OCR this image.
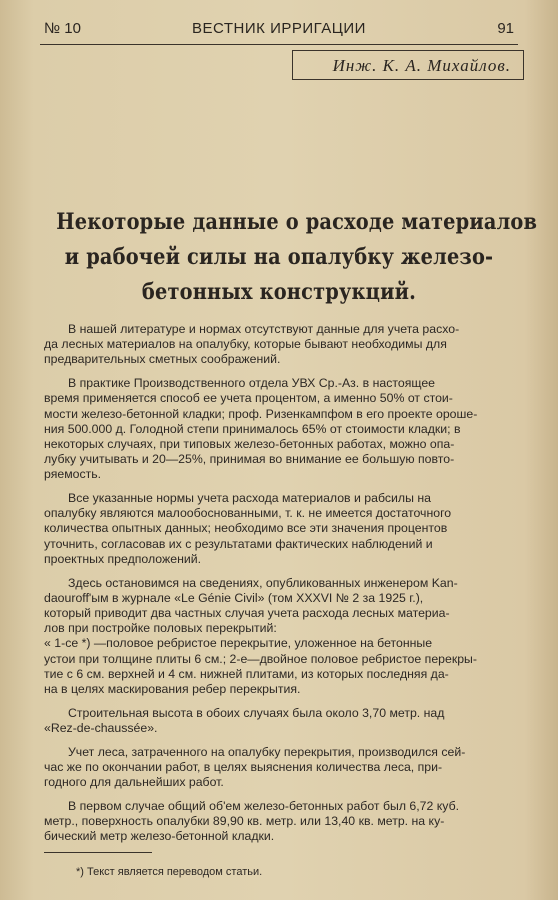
№ 10	ВЕСТНИК ИРРИГАЦИИ	91
Инж. К. А. Михайлов.
Некоторые данные о расходе материалов
и рабочей силы на опалубку железо-
бетонных конструкций.
В нашей литературе и нормах отсутствуют данные для учета расхо-
да лесных материалов на опалубку, которые бывают необходимы для
предварительных сметных соображений.
В практике Производственного отдела УВХ Ср.-Аз. в настоящее
время применяется способ ее учета процентом, а именно 50% от стои-
мости железо-бетонной кладки; проф. Ризенкампфом в его проекте ороше-
ния 500.000 д. Голодной степи принималось 65% от стоимости кладки; в
некоторых случаях, при типовых железо-бетонных работах, можно опа-
лубку учитывать и 20—25%, принимая во внимание ее большую повто-
ряемость.
Все указанные нормы учета расхода материалов и рабсилы на
опалубку являются малообоснованными, т. к. не имеется достаточного
количества опытных данных; необходимо все эти значения процентов
уточнить, согласовав их с результатами фактических наблюдений и
проектных предположений.
Здесь остановимся на сведениях, опубликованных инженером Kan-
daouroff'ым в журнале «Le Génie Civil» (том XXXVI № 2 за 1925 г.),
который приводит два частных случая учета расхода лесных материа-
лов при постройке половых перекрытий:
« 1-се *) —половое ребристое перекрытие, уложенное на бетонные
устои при толщине плиты 6 см.; 2-е—двойное половое ребристое перекры-
тие с 6 см. верхней и 4 см. нижней плитами, из которых последняя да-
на в целях маскирования ребер перекрытия.
Строительная высота в обоих случаях была около 3,70 метр. над
«Rez-de-chaussée».
Учет леса, затраченного на опалубку перекрытия, производился сей-
час же по окончании работ, в целях выяснения количества леса, при-
годного для дальнейших работ.
В первом случае общий об'ем железо-бетонных работ был 6,72 куб.
метр., поверхность опалубки 89,90 кв. метр. или 13,40 кв. метр. на ку-
бический метр железо-бетонной кладки.
*) Текст является переводом статьи.
